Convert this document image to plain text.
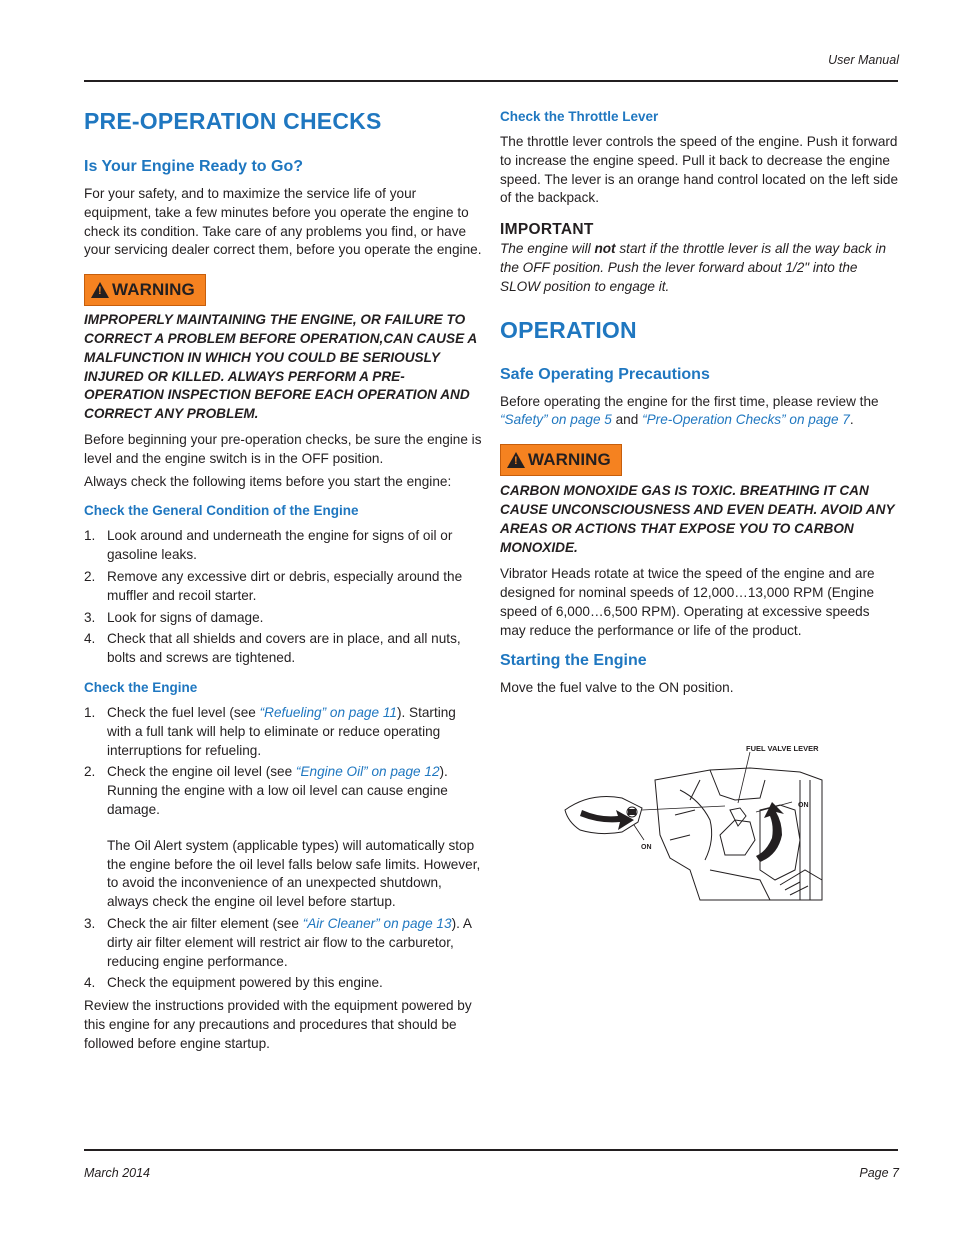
User Manual
PRE-OPERATION CHECKS
Is Your Engine Ready to Go?

For your safety, and to maximize the service life of your equipment, take a few minutes before you operate the engine to check its condition. Take care of any problems you find, or have your servicing dealer correct them, before you operate the engine.

! WARNING

IMPROPERLY MAINTAINING THE ENGINE, OR FAILURE TO CORRECT A PROBLEM BEFORE OPERATION,CAN CAUSE A MALFUNCTION IN WHICH YOU COULD BE SERIOUSLY INJURED OR KILLED. ALWAYS PERFORM A PRE-OPERATION INSPECTION BEFORE EACH OPERATION AND CORRECT ANY PROBLEM.

Before beginning your pre-operation checks, be sure the engine is level and the engine switch is in the OFF position.

Always check the following items before you start the engine:

Check the General Condition of the Engine
1. Look around and underneath the engine for signs of oil or gasoline leaks.
2. Remove any excessive dirt or debris, especially around the muffler and recoil starter.
3. Look for signs of damage.
4. Check that all shields and covers are in place, and all nuts, bolts and screws are tightened.
Check the Engine
1. Check the fuel level (see “Refueling” on page 11). Starting with a full tank will help to eliminate or reduce operating interruptions for refueling.
2. Check the engine oil level (see “Engine Oil” on page 12). Running the engine with a low oil level can cause engine damage.

The Oil Alert system (applicable types) will automatically stop the engine before the oil level falls below safe limits. However, to avoid the inconvenience of an unexpected shutdown, always check the engine oil level before startup.

3. Check the air filter element (see “Air Cleaner” on page 13). A dirty air filter element will restrict air flow to the carburetor, reducing engine performance.
4. Check the equipment powered by this engine.

Review the instructions provided with the equipment powered by this engine for any precautions and procedures that should be followed before engine startup.

Check the Throttle Lever

The throttle lever controls the speed of the engine. Push it forward to increase the engine speed. Pull it back to decrease the engine speed. The lever is an orange hand control located on the left side of the backpack.

IMPORTANT

The engine will not start if the throttle lever is all the way back in the OFF position. Push the lever forward about 1/2" into the SLOW position to engage it.

OPERATION
Safe Operating Precautions

Before operating the engine for the first time, please review the “Safety” on page 5 and “Pre-Operation Checks” on page 7.

! WARNING

CARBON MONOXIDE GAS IS TOXIC. BREATHING IT CAN CAUSE UNCONSCIOUSNESS AND EVEN DEATH. AVOID ANY AREAS OR ACTIONS THAT EXPOSE YOU TO CARBON MONOXIDE.

Vibrator Heads rotate at twice the speed of the engine and are designed for nominal speeds of 12,000…13,000 RPM (Engine speed of 6,000…6,500 RPM). Operating at excessive speeds may reduce the performance or life of the product.

Starting the Engine

Move the fuel valve to the ON position.

FUEL VALVE LEVER
ON
ON
March 2014	Page 7
